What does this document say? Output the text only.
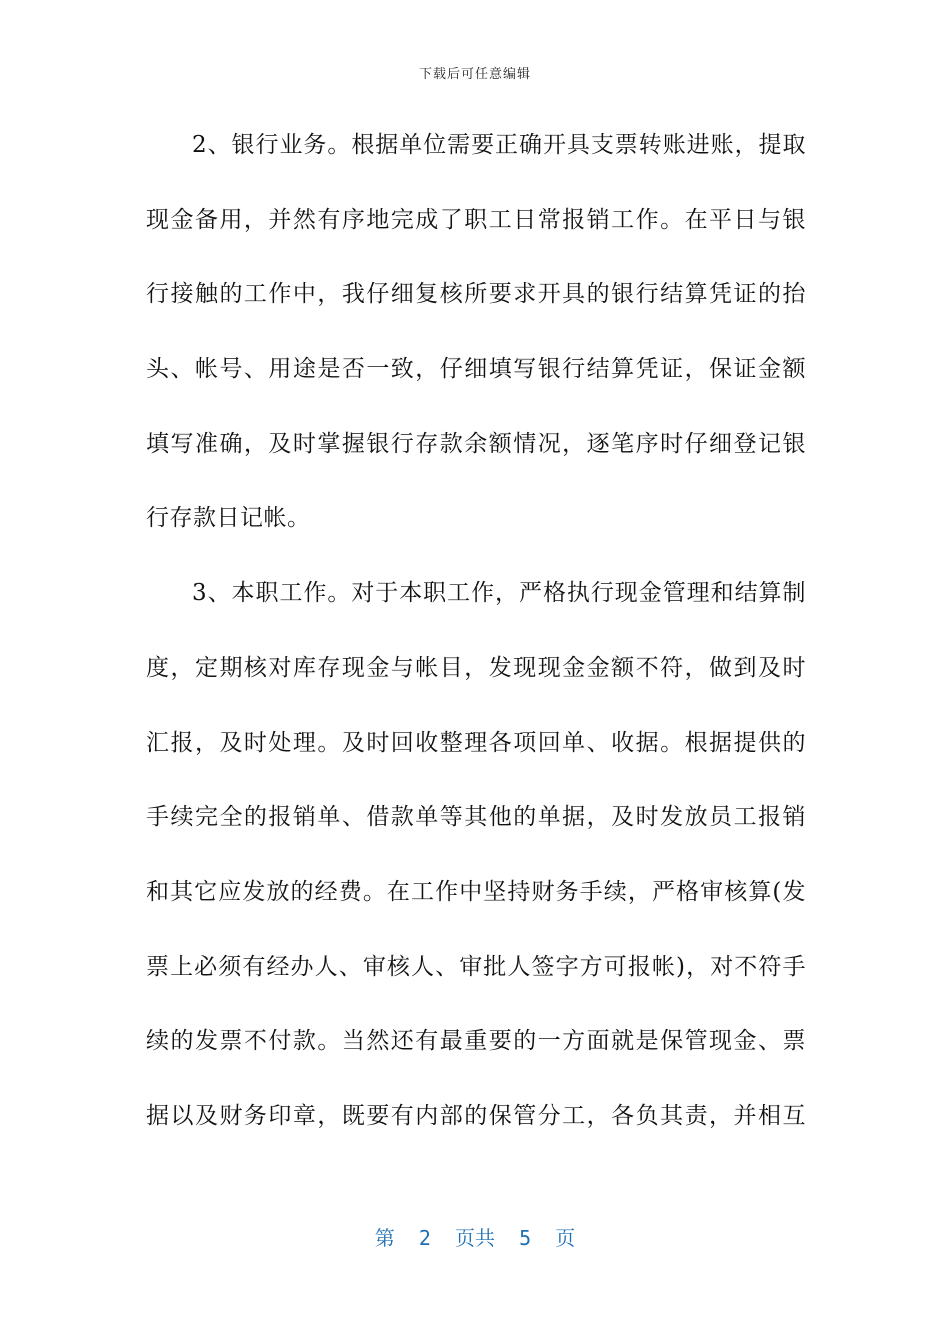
下载后可任意编辑
2、银行业务。根据单位需要正确开具支票转账进账，提取
现金备用，并然有序地完成了职工日常报销工作。在平日与银
行接触的工作中，我仔细复核所要求开具的银行结算凭证的抬
头、帐号、用途是否一致，仔细填写银行结算凭证，保证金额
填写准确，及时掌握银行存款余额情况，逐笔序时仔细登记银
行存款日记帐。
3、本职工作。对于本职工作，严格执行现金管理和结算制
度，定期核对库存现金与帐目，发现现金金额不符，做到及时
汇报，及时处理。及时回收整理各项回单、收据。根据提供的
手续完全的报销单、借款单等其他的单据，及时发放员工报销
和其它应发放的经费。在工作中坚持财务手续，严格审核算(发
票上必须有经办人、审核人、审批人签字方可报帐)，对不符手
续的发票不付款。当然还有最重要的一方面就是保管现金、票
据以及财务印章，既要有内部的保管分工，各负其责，并相互
第  2  页共  5  页
